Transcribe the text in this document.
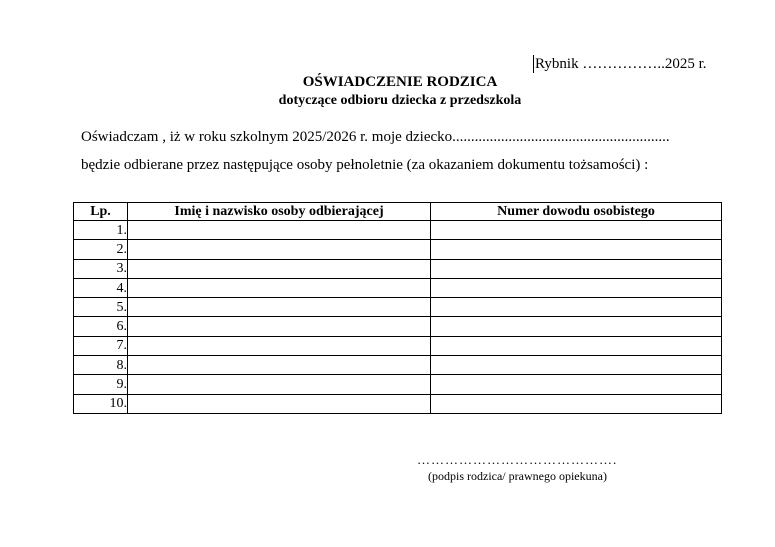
Rybnik ……………..2025 r.
OŚWIADCZENIE RODZICA
dotyczące odbioru dziecka z przedszkola
Oświadczam , iż w roku szkolnym 2025/2026 r. moje dziecko..........................................................
będzie odbierane przez następujące osoby pełnoletnie (za okazaniem dokumentu tożsamości) :
Lp.	Imię i nazwisko osoby odbierającej	Numer dowodu osobistego
1.		
2.		
3.		
4.		
5.		
6.		
7.		
8.		
9.		
10.		
…………………………………….
(podpis rodzica/ prawnego opiekuna)
